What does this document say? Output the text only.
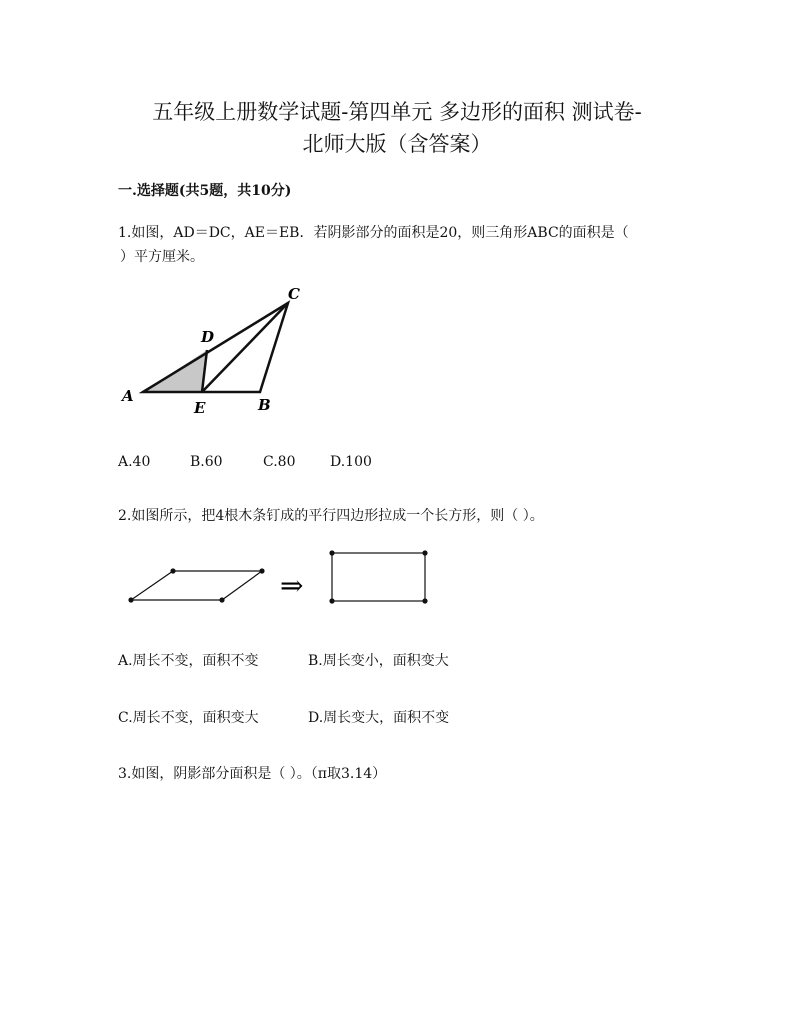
五年级上册数学试题-第四单元 多边形的面积 测试卷-
北师大版（含答案）
一.选择题(共5题，共10分)
1.如图，AD＝DC，AE＝EB．若阴影部分的面积是20，则三角形ABC的面积是（
）平方厘米。
A	B
C
D
E
A.40	B.60	C.80 D.100
2.如图所示，把4根木条钉成的平行四边形拉成一个长方形，则（ ）。
⇒
A.周长不变，面积不变	B.周长变小，面积变大
C.周长不变，面积变大	D.周长变大，面积不变
3.如图，阴影部分面积是（ ）。（π取3.14）
